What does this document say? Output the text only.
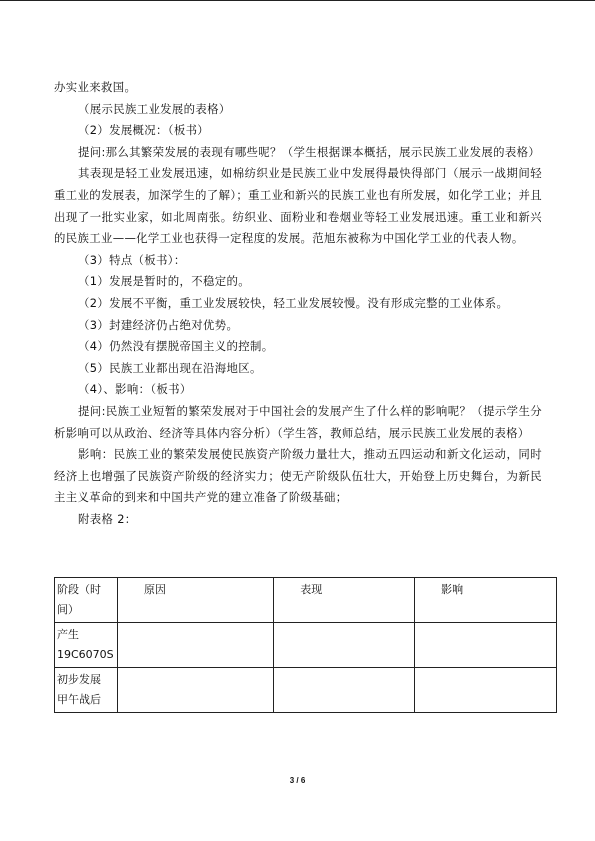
办实业来救国。

（展示民族工业发展的表格）

（2）发展概况：（板书）

提问:那么其繁荣发展的表现有哪些呢？（学生根据课本概括，展示民族工业发展的表格）

其表现是轻工业发展迅速，如棉纺织业是民族工业中发展得最快得部门（展示一战期间轻重工业的发展表，加深学生的了解）；重工业和新兴的民族工业也有所发展，如化学工业；并且出现了一批实业家，如北周南张。纺织业、面粉业和卷烟业等轻工业发展迅速。重工业和新兴的民族工业——化学工业也获得一定程度的发展。范旭东被称为中国化学工业的代表人物。

（3）特点（板书）：

（1）发展是暂时的，不稳定的。

（2）发展不平衡，重工业发展较快，轻工业发展较慢。没有形成完整的工业体系。

（3）封建经济仍占绝对优势。

（4）仍然没有摆脱帝国主义的控制。

（5）民族工业都出现在沿海地区。

（4）、影响：（板书）

提问:民族工业短暂的繁荣发展对于中国社会的发展产生了什么样的影响呢？（提示学生分析影响可以从政治、经济等具体内容分析）（学生答，教师总结，展示民族工业发展的表格）

影响：民族工业的繁荣发展使民族资产阶级力量壮大，推动五四运动和新文化运动，同时经济上也增强了民族资产阶级的经济实力；使无产阶级队伍壮大，开始登上历史舞台，为新民主主义革命的到来和中国共产党的建立准备了阶级基础；

附表格 2：

阶段（时间）	原因	表现	影响
产生 19C6070S			
初步发展 甲午战后			
3 / 6
